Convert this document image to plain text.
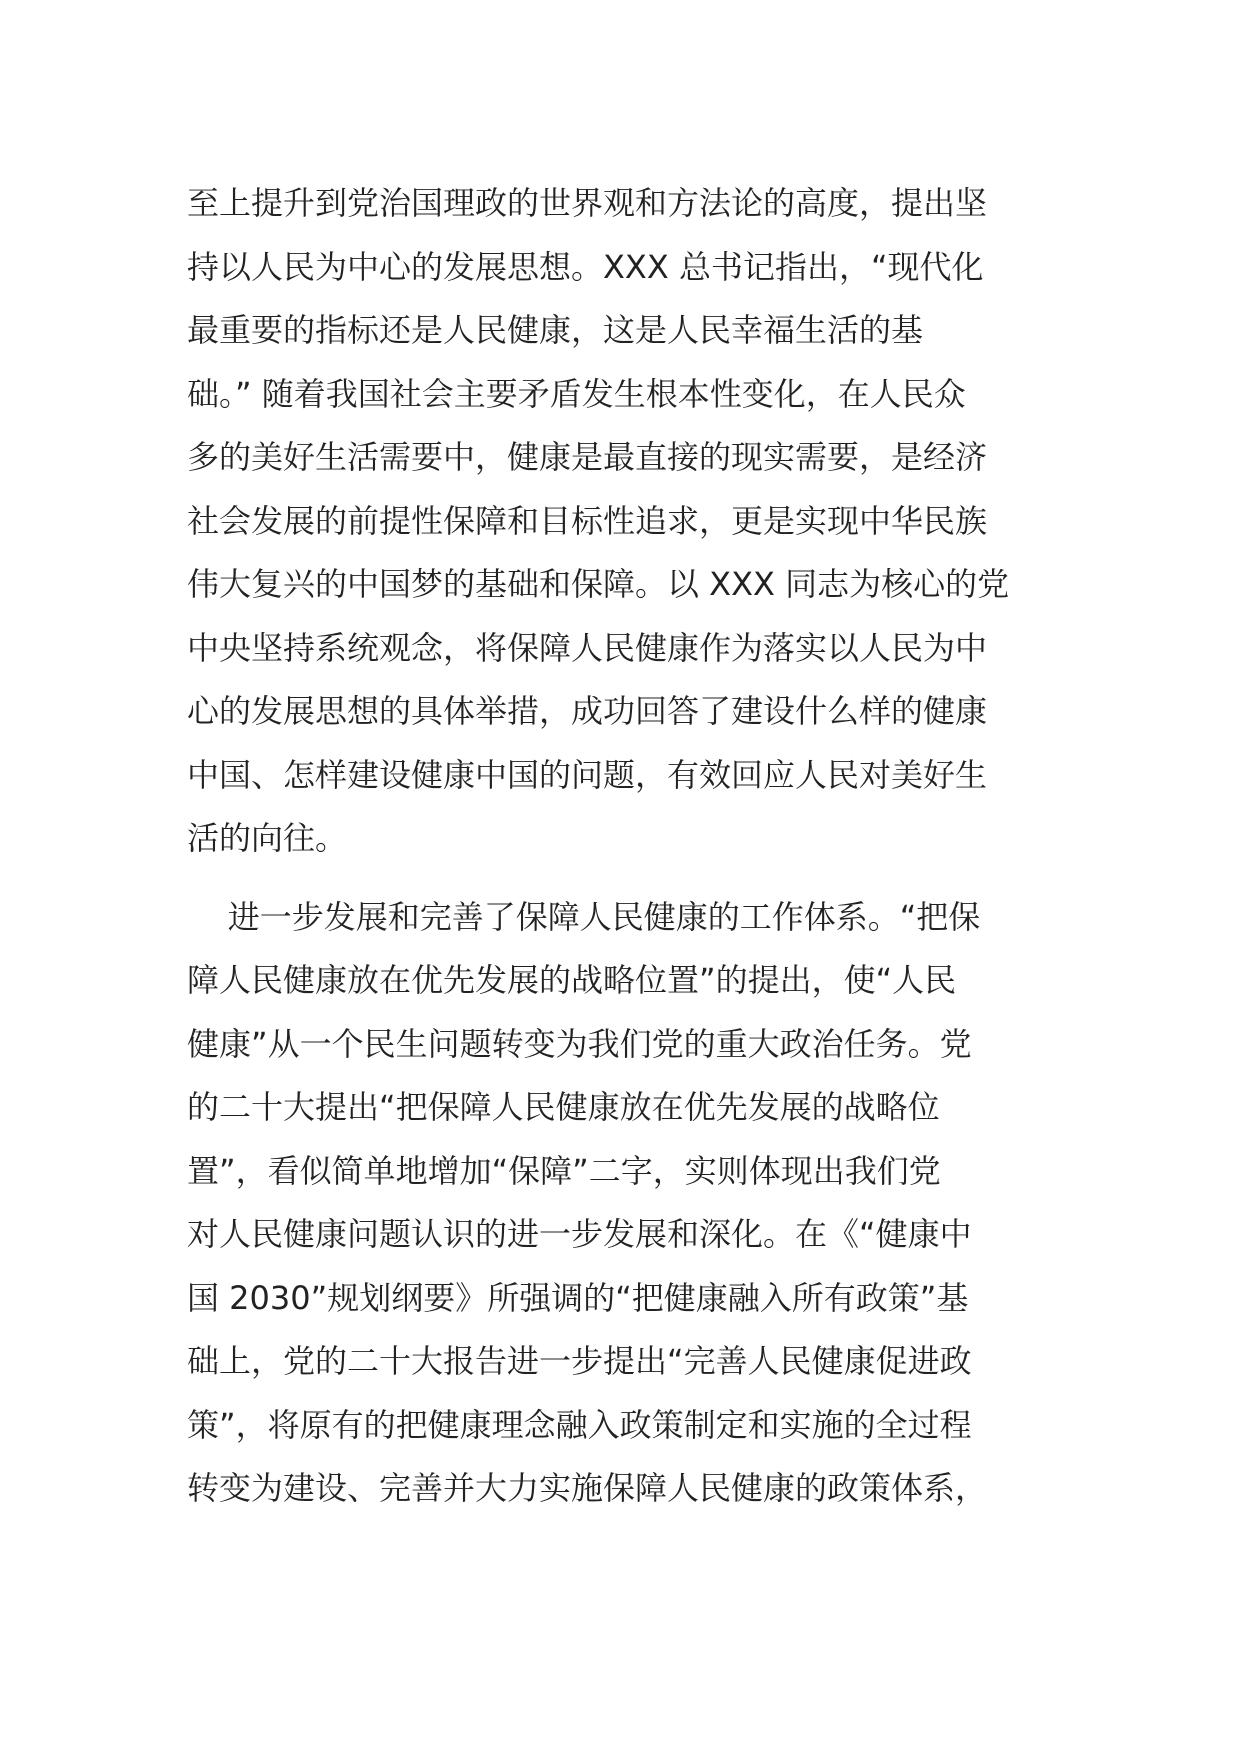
至上提升到党治国理政的世界观和方法论的高度，提出坚
持以人民为中心的发展思想。XXX 总书记指出，“现代化
最重要的指标还是人民健康，这是人民幸福生活的基
础。” 随着我国社会主要矛盾发生根本性变化，在人民众
多的美好生活需要中，健康是最直接的现实需要，是经济
社会发展的前提性保障和目标性追求，更是实现中华民族
伟大复兴的中国梦的基础和保障。以 XXX 同志为核心的党
中央坚持系统观念，将保障人民健康作为落实以人民为中
心的发展思想的具体举措，成功回答了建设什么样的健康
中国、怎样建设健康中国的问题，有效回应人民对美好生
活的向往。

进一步发展和完善了保障人民健康的工作体系。“把保
障人民健康放在优先发展的战略位置”的提出，使“人民
健康”从一个民生问题转变为我们党的重大政治任务。党
的二十大提出“把保障人民健康放在优先发展的战略位
置”，看似简单地增加“保障”二字，实则体现出我们党
对人民健康问题认识的进一步发展和深化。在《“健康中
国 2030”规划纲要》所强调的“把健康融入所有政策”基
础上，党的二十大报告进一步提出“完善人民健康促进政
策”，将原有的把健康理念融入政策制定和实施的全过程
转变为建设、完善并大力实施保障人民健康的政策体系，
